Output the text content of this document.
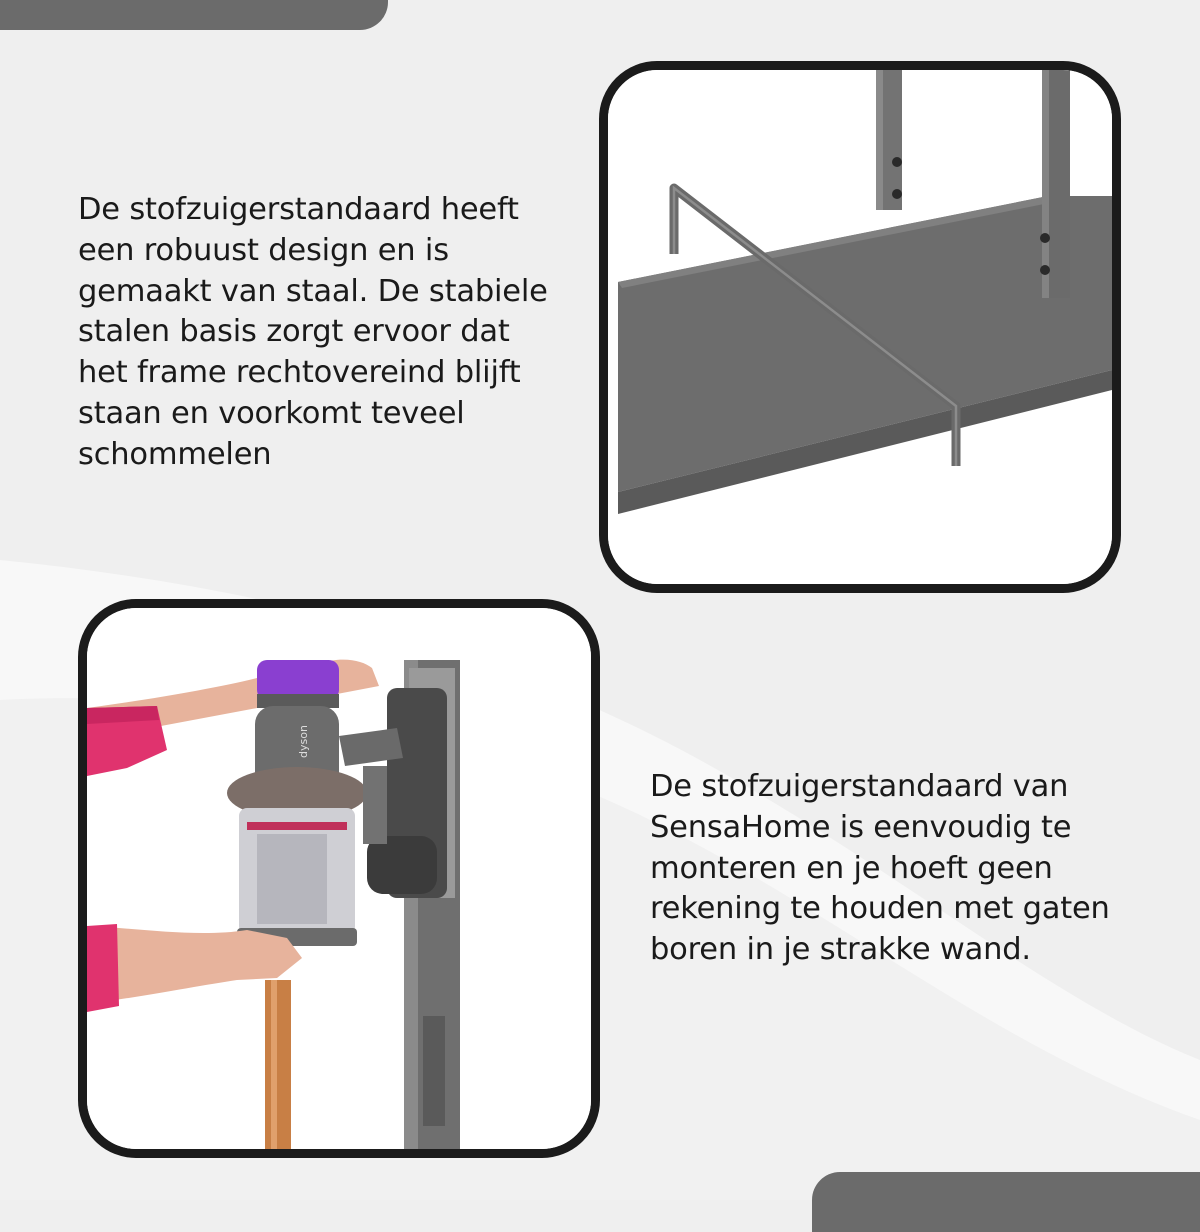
De stofzuigerstandaard heeft een robuust design en is gemaakt van staal. De stabiele stalen basis zorgt ervoor dat het frame rechtovereind blijft staan en voorkomt teveel schommelen

dyson

De stofzuigerstandaard van SensaHome is eenvoudig te monteren en je hoeft geen rekening te houden met gaten boren in je strakke wand.
